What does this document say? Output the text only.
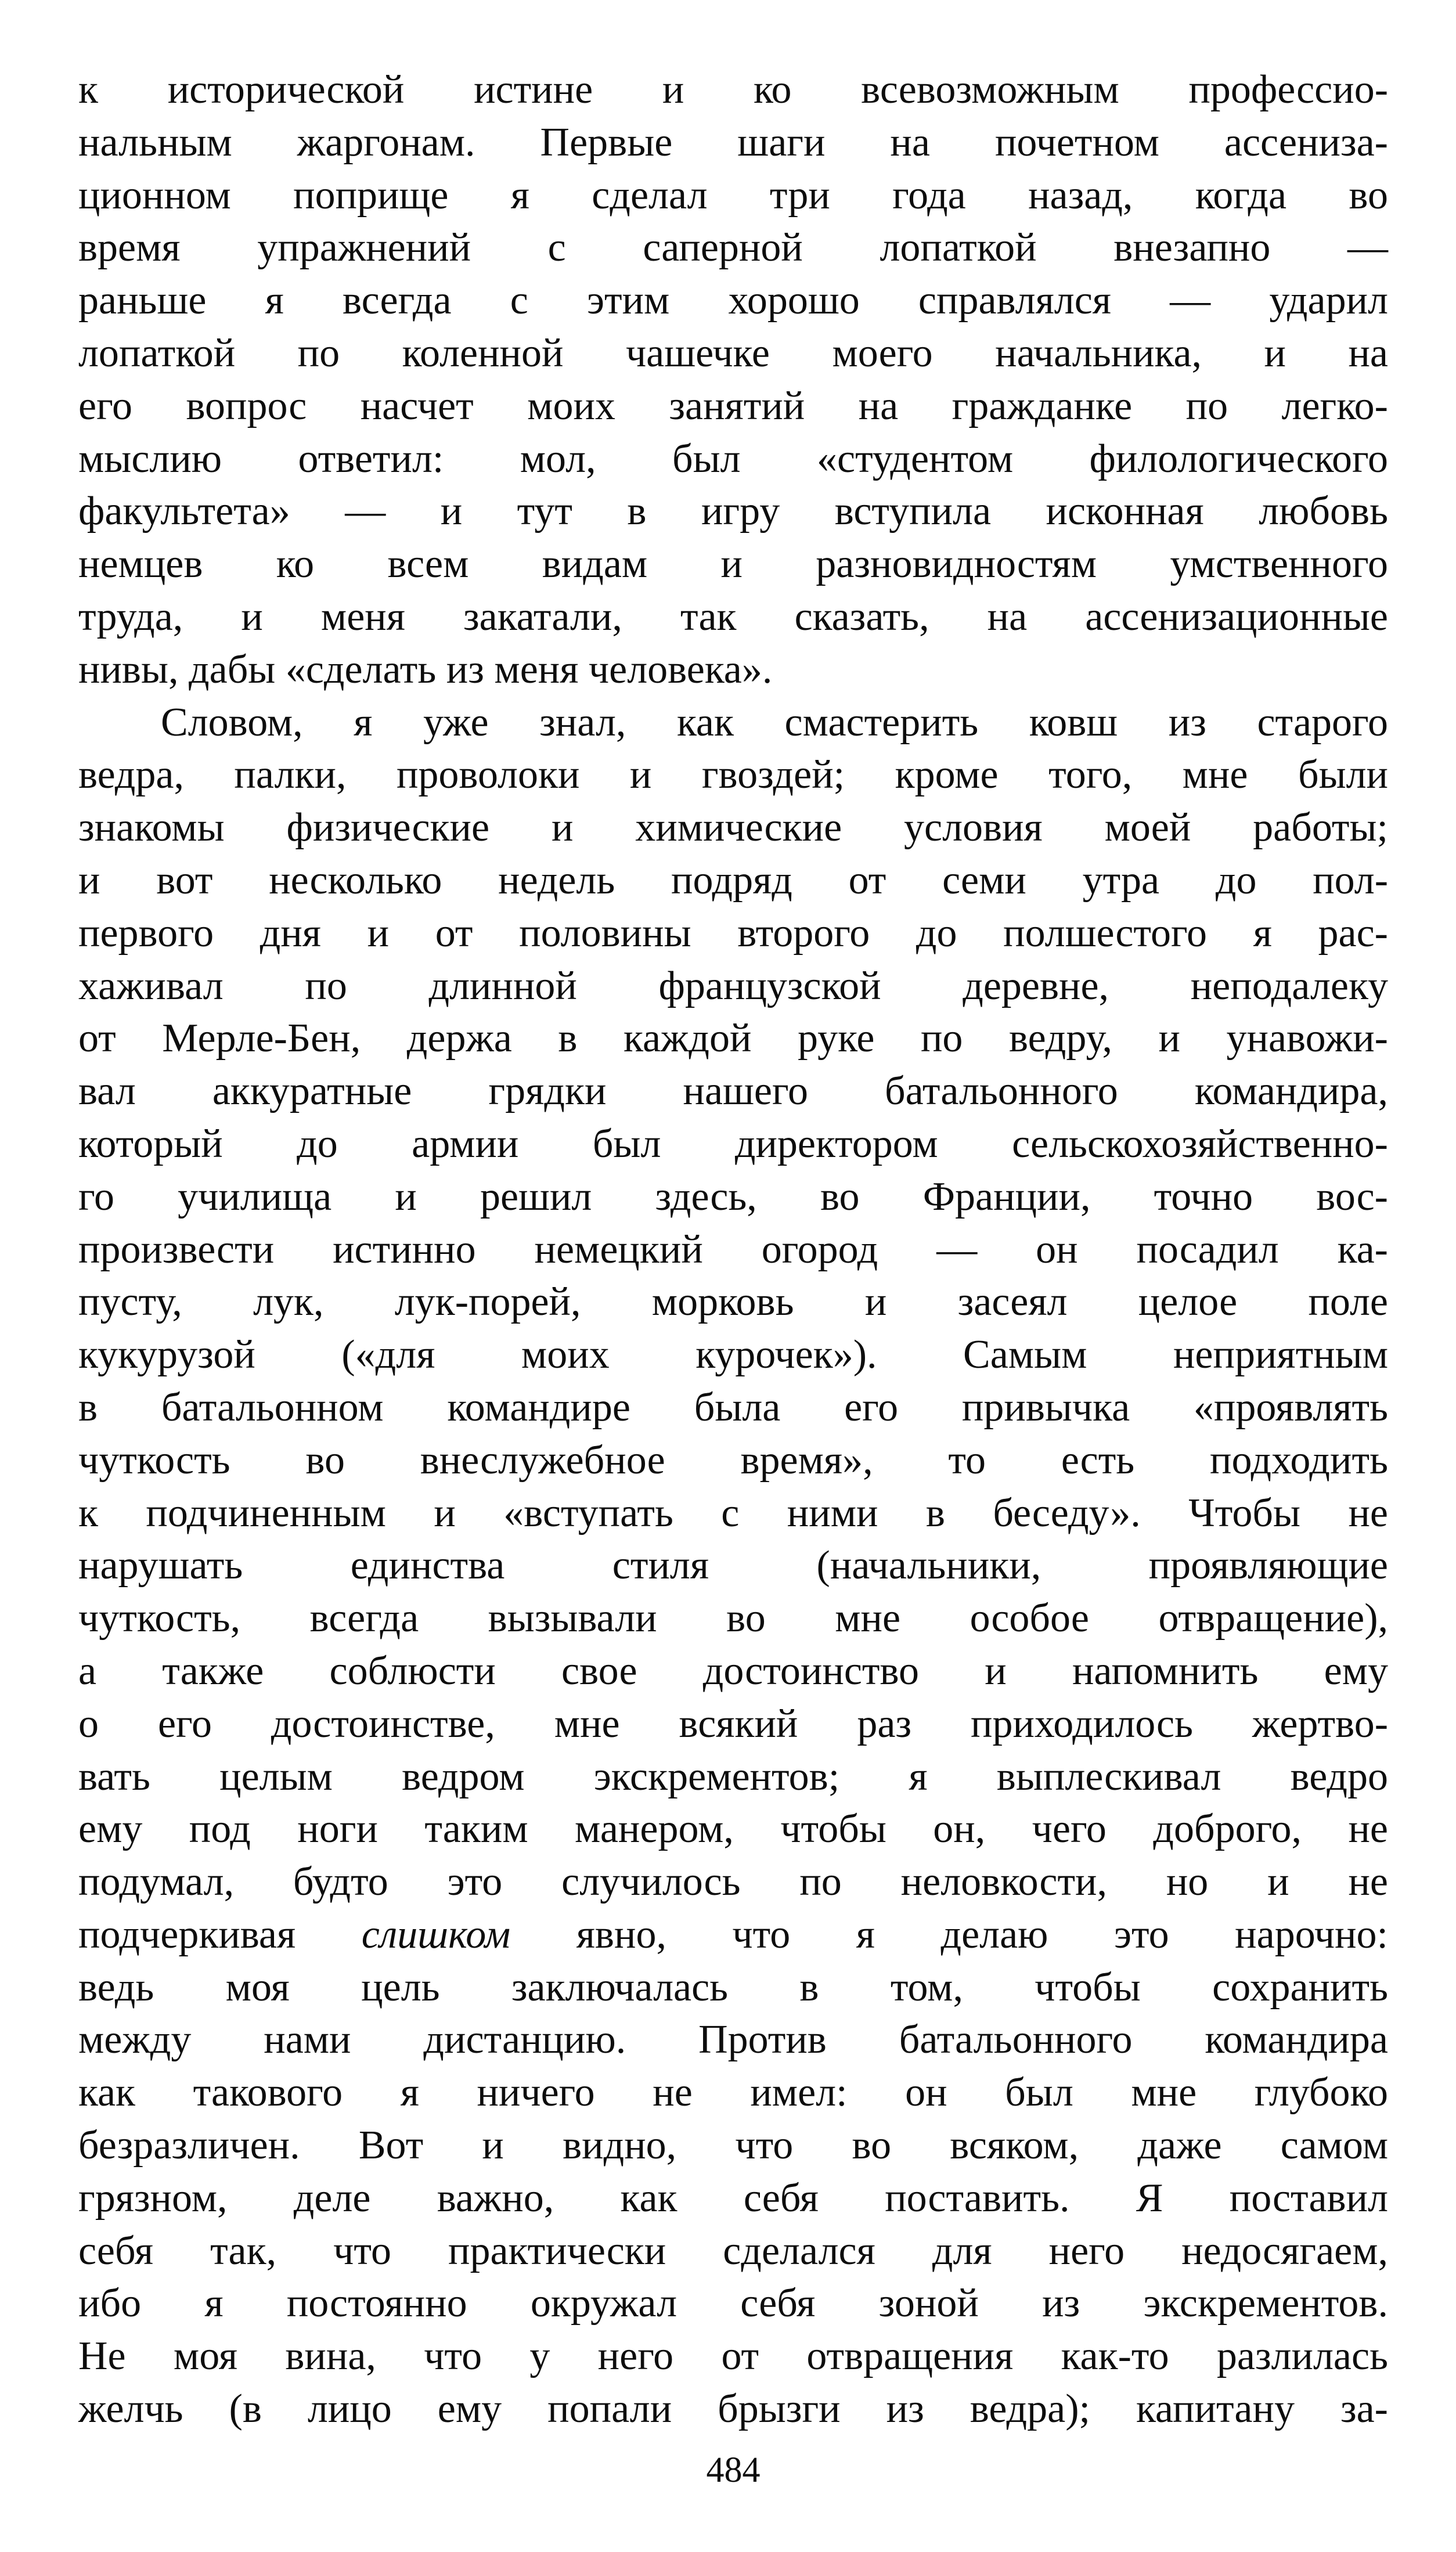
к исторической истине и ко всевозможным профессио-
нальным жаргонам. Первые шаги на почетном ассениза-
ционном поприще я сделал три года назад, когда во
время упражнений с саперной лопаткой внезапно —
раньше я всегда с этим хорошо справлялся — ударил
лопаткой по коленной чашечке моего начальника, и на
его вопрос насчет моих занятий на гражданке по легко-
мыслию ответил: мол, был «студентом филологического
факультета» — и тут в игру вступила исконная любовь
немцев ко всем видам и разновидностям умственного
труда, и меня закатали, так сказать, на ассенизационные
нивы, дабы «сделать из меня человека».
Словом, я уже знал, как смастерить ковш из старого
ведра, палки, проволоки и гвоздей; кроме того, мне были
знакомы физические и химические условия моей работы;
и вот несколько недель подряд от семи утра до пол-
первого дня и от половины второго до полшестого я рас-
хаживал по длинной французской деревне, неподалеку
от Мерле-Бен, держа в каждой руке по ведру, и унавожи-
вал аккуратные грядки нашего батальонного командира,
который до армии был директором сельскохозяйственно-
го училища и решил здесь, во Франции, точно вос-
произвести истинно немецкий огород — он посадил ка-
пусту, лук, лук-порей, морковь и засеял целое поле
кукурузой («для моих курочек»). Самым неприятным
в батальонном командире была его привычка «проявлять
чуткость во внеслужебное время», то есть подходить
к подчиненным и «вступать с ними в беседу». Чтобы не
нарушать единства стиля (начальники, проявляющие
чуткость, всегда вызывали во мне особое отвращение),
а также соблюсти свое достоинство и напомнить ему
о его достоинстве, мне всякий раз приходилось жертво-
вать целым ведром экскрементов; я выплескивал ведро
ему под ноги таким манером, чтобы он, чего доброго, не
подумал, будто это случилось по неловкости, но и не
подчеркивая слишком явно, что я делаю это нарочно:
ведь моя цель заключалась в том, чтобы сохранить
между нами дистанцию. Против батальонного командира
как такового я ничего не имел: он был мне глубоко
безразличен. Вот и видно, что во всяком, даже самом
грязном, деле важно, как себя поставить. Я поставил
себя так, что практически сделался для него недосягаем,
ибо я постоянно окружал себя зоной из экскрементов.
Не моя вина, что у него от отвращения как-то разлилась
желчь (в лицо ему попали брызги из ведра); капитану за-
484
